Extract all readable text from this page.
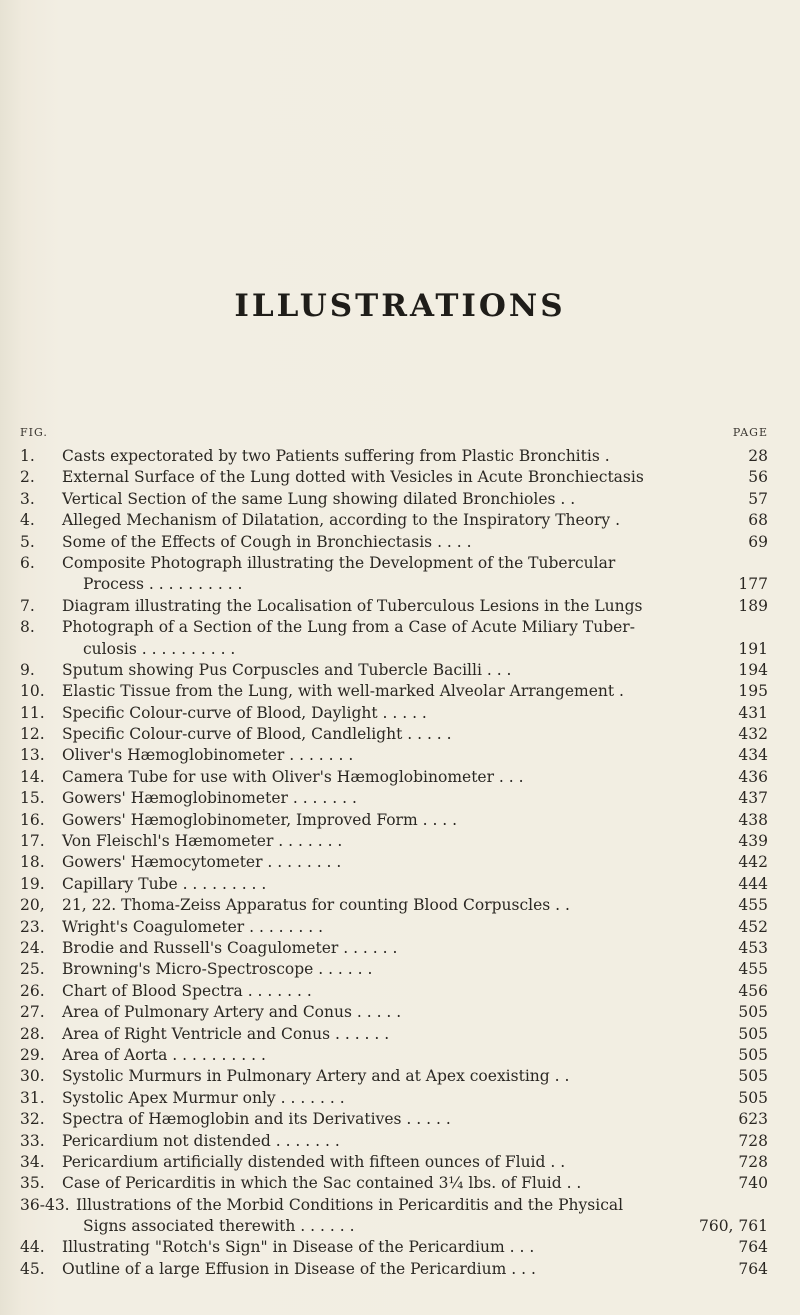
ILLUSTRATIONS
FIG.	PAGE
1.	Casts expectorated by two Patients suffering from Plastic Bronchitis .	28
2.	External Surface of the Lung dotted with Vesicles in Acute Bronchiectasis	56
3.	Vertical Section of the same Lung showing dilated Bronchioles . .	57
4.	Alleged Mechanism of Dilatation, according to the Inspiratory Theory .	68
5.	Some of the Effects of Cough in Bronchiectasis . . . .	69
6.	Composite Photograph illustrating the Development of the Tubercular
Process . . . . . . . . . .	177
7.	Diagram illustrating the Localisation of Tuberculous Lesions in the Lungs	189
8.	Photograph of a Section of the Lung from a Case of Acute Miliary Tuber-
culosis . . . . . . . . . .	191
9.	Sputum showing Pus Corpuscles and Tubercle Bacilli . . .	194
10.	Elastic Tissue from the Lung, with well-marked Alveolar Arrangement .	195
11.	Specific Colour-curve of Blood, Daylight . . . . .	431
12.	Specific Colour-curve of Blood, Candlelight . . . . .	432
13.	Oliver's Hæmoglobinometer . . . . . . .	434
14.	Camera Tube for use with Oliver's Hæmoglobinometer . . .	436
15.	Gowers' Hæmoglobinometer . . . . . . .	437
16.	Gowers' Hæmoglobinometer, Improved Form . . . .	438
17.	Von Fleischl's Hæmometer . . . . . . .	439
18.	Gowers' Hæmocytometer . . . . . . . .	442
19.	Capillary Tube . . . . . . . . .	444
20,	21, 22. Thoma-Zeiss Apparatus for counting Blood Corpuscles . .	455
23.	Wright's Coagulometer . . . . . . . .	452
24.	Brodie and Russell's Coagulometer . . . . . .	453
25.	Browning's Micro-Spectroscope . . . . . .	455
26.	Chart of Blood Spectra . . . . . . .	456
27.	Area of Pulmonary Artery and Conus . . . . .	505
28.	Area of Right Ventricle and Conus . . . . . .	505
29.	Area of Aorta . . . . . . . . . .	505
30.	Systolic Murmurs in Pulmonary Artery and at Apex coexisting . .	505
31.	Systolic Apex Murmur only . . . . . . .	505
32.	Spectra of Hæmoglobin and its Derivatives . . . . .	623
33.	Pericardium not distended . . . . . . .	728
34.	Pericardium artificially distended with fifteen ounces of Fluid . .	728
35.	Case of Pericarditis in which the Sac contained 3¼ lbs. of Fluid . .	740
36-43. Illustrations of the Morbid Conditions in Pericarditis and the Physical
Signs associated therewith . . . . . .	760, 761
44.	Illustrating "Rotch's Sign" in Disease of the Pericardium . . .	764
45.	Outline of a large Effusion in Disease of the Pericardium . . .	764
